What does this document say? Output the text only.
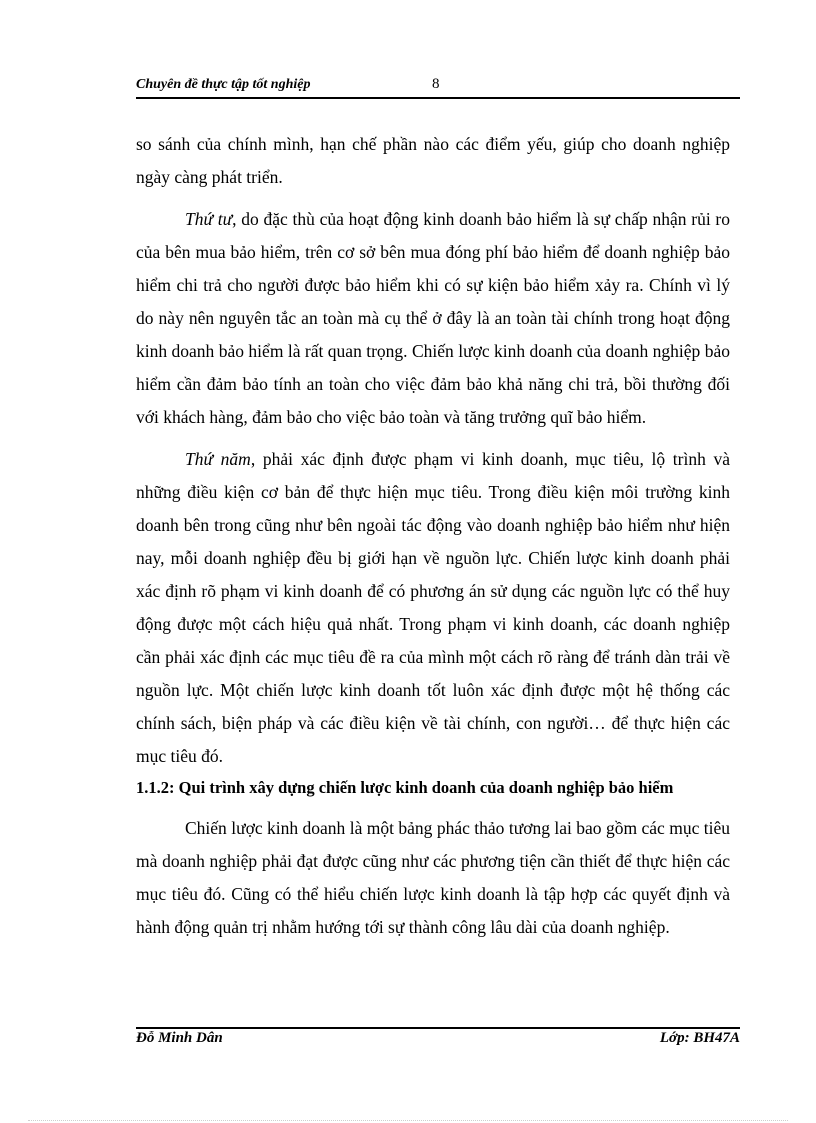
Chuyên đề thực tập tốt nghiệp	8

so sánh của chính mình, hạn chế phần nào các điểm yếu, giúp cho doanh nghiệp ngày càng phát triển.

Thứ tư, do đặc thù của hoạt động kinh doanh bảo hiểm là sự chấp nhận rủi ro của bên mua bảo hiểm, trên cơ sở bên mua đóng phí bảo hiểm để doanh nghiệp bảo hiểm chi trả cho người được bảo hiểm khi có sự kiện bảo hiểm xảy ra. Chính vì lý do này nên nguyên tắc an toàn mà cụ thể ở đây là an toàn tài chính trong hoạt động kinh doanh bảo hiểm là rất quan trọng. Chiến lược kinh doanh của doanh nghiệp bảo hiểm cần đảm bảo tính an toàn cho việc đảm bảo khả năng chi trả, bồi thường đối với khách hàng, đảm bảo cho việc bảo toàn và tăng trưởng quĩ bảo hiểm.

Thứ năm, phải xác định được phạm vi kinh doanh, mục tiêu, lộ trình và những điều kiện cơ bản để thực hiện mục tiêu. Trong điều kiện môi trường kinh doanh bên trong cũng như bên ngoài tác động vào doanh nghiệp bảo hiểm như hiện nay, mỗi doanh nghiệp đều bị giới hạn về nguồn lực. Chiến lược kinh doanh phải xác định rõ phạm vi kinh doanh để có phương án sử dụng các nguồn lực có thể huy động được một cách hiệu quả nhất. Trong phạm vi kinh doanh, các doanh nghiệp cần phải xác định các mục tiêu đề ra của mình một cách rõ ràng để tránh dàn trải về nguồn lực. Một chiến lược kinh doanh tốt luôn xác định được một hệ thống các chính sách, biện pháp và các điều kiện về tài chính, con người… để thực hiện các mục tiêu đó.

1.1.2: Qui trình xây dựng chiến lược kinh doanh của doanh nghiệp bảo hiểm

Chiến lược kinh doanh là một bảng phác thảo tương lai bao gồm các mục tiêu mà doanh nghiệp phải đạt được cũng như các phương tiện cần thiết để thực hiện các mục tiêu đó. Cũng có thể hiểu chiến lược kinh doanh là tập hợp các quyết định và hành động quản trị nhằm hướng tới sự thành công lâu dài của doanh nghiệp.

Đỗ Minh Dân	Lớp: BH47A
